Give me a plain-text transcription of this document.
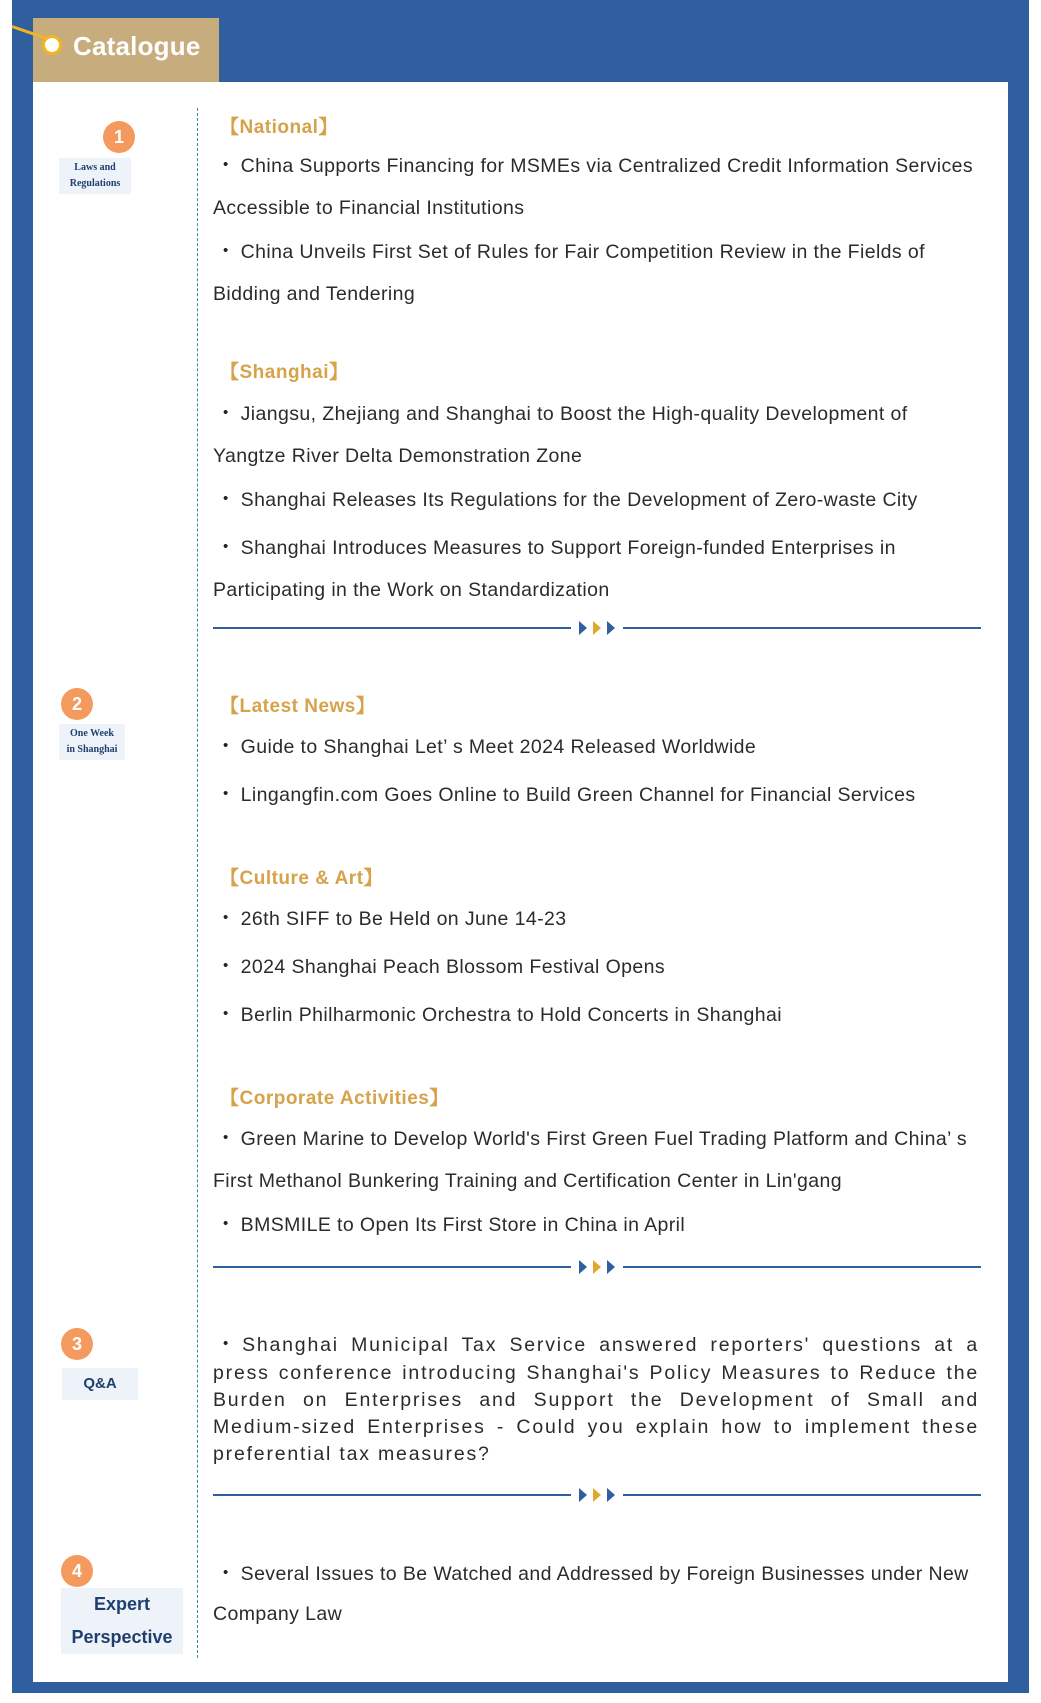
Catalogue
1
Laws and
Regulations
2
One Week
in Shanghai
3
Q&A
4
Expert
Perspective
【National】
• China Supports Financing for MSMEs via Centralized Credit Information Services Accessible to Financial Institutions
• China Unveils First Set of Rules for Fair Competition Review in the Fields of Bidding and Tendering
【Shanghai】
• Jiangsu, Zhejiang and Shanghai to Boost the High-quality Development of Yangtze River Delta Demonstration Zone
• Shanghai Releases Its Regulations for the Development of Zero-waste City
• Shanghai Introduces Measures to Support Foreign-funded Enterprises in Participating in the Work on Standardization
【Latest News】
• Guide to Shanghai Let’ s Meet 2024 Released Worldwide
• Lingangfin.com Goes Online to Build Green Channel for Financial Services
【Culture & Art】
• 26th SIFF to Be Held on June 14-23
• 2024 Shanghai Peach Blossom Festival Opens
• Berlin Philharmonic Orchestra to Hold Concerts in Shanghai
【Corporate Activities】
• Green Marine to Develop World's First Green Fuel Trading Platform and China’ s First Methanol Bunkering Training and Certification Center in Lin'gang
• BMSMILE to Open Its First Store in China in April
• Shanghai Municipal Tax Service answered reporters' questions at a press conference introducing Shanghai's Policy Measures to Reduce the Burden on Enterprises and Support the Development of Small and Medium-sized Enterprises - Could you explain how to implement these preferential tax measures?
• Several Issues to Be Watched and Addressed by Foreign Businesses under New Company Law
